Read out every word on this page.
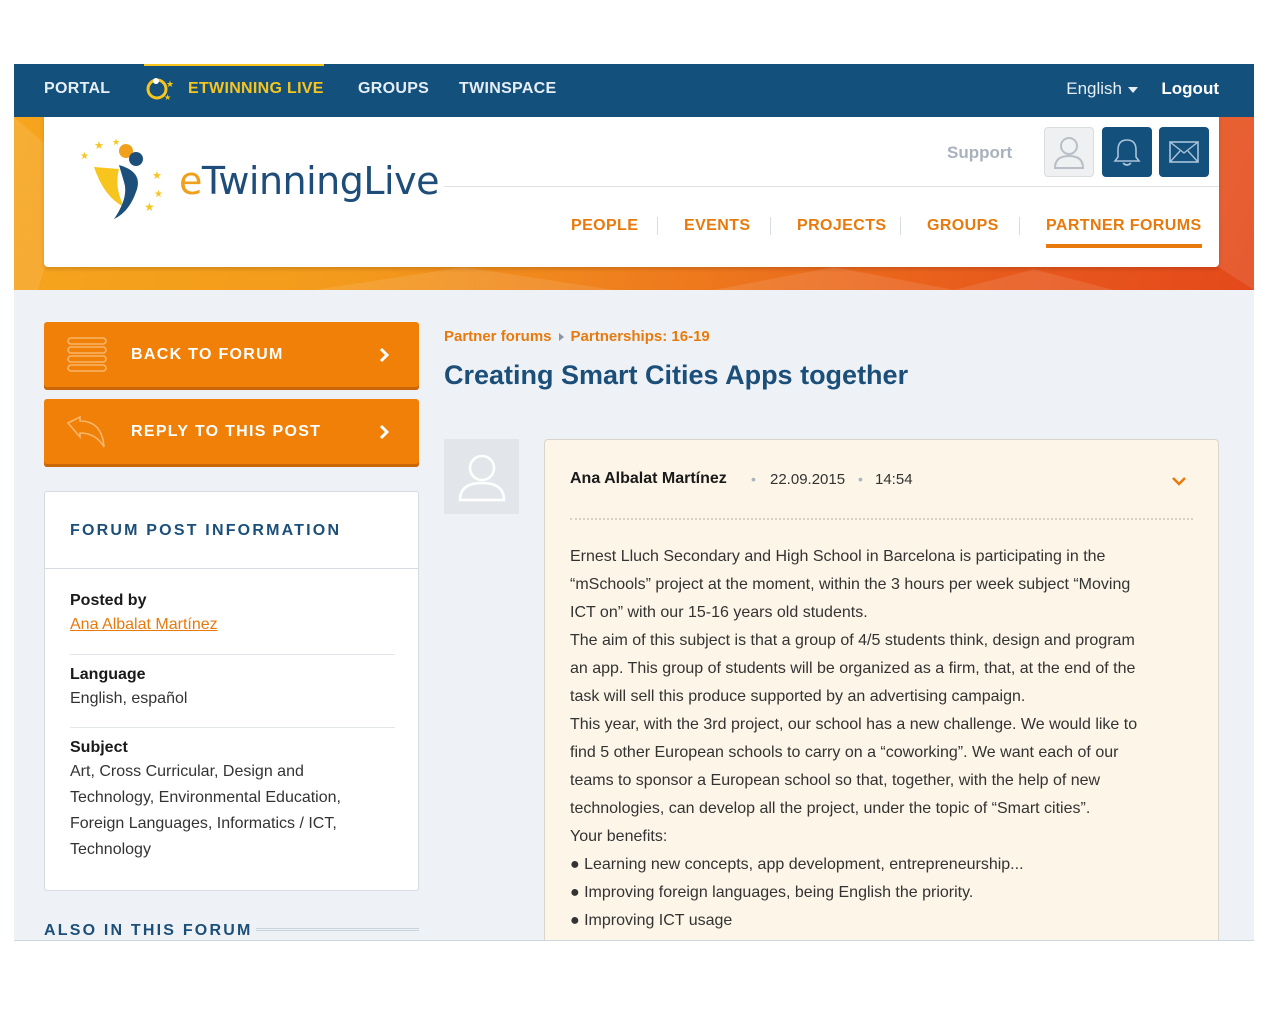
PORTAL	★
★
ETWINNING LIVE GROUPS TWINSPACE	English	Logout
★
★ ★
★
★
★
eTwinningLive
Support
PEOPLE	EVENTS	PROJECTS	GROUPS	PARTNER FORUMS
BACK TO FORUM
REPLY TO THIS POST
FORUM POST INFORMATION
Posted by
Ana Albalat Martínez
Language
English, español
Subject
Art, Cross Curricular, Design and Technology, Environmental Education, Foreign Languages, Informatics / ICT, Technology
ALSO IN THIS FORUM
Partner forums Partnerships: 16-19
Creating Smart Cities Apps together
Ana Albalat Martínez • 22.09.2015 • 14:54
Ernest Lluch Secondary and High School in Barcelona is participating in the
“mSchools” project at the moment, within the 3 hours per week subject “Moving
ICT on” with our 15-16 years old students.
The aim of this subject is that a group of 4/5 students think, design and program
an app. This group of students will be organized as a firm, that, at the end of the
task will sell this produce supported by an advertising campaign.
This year, with the 3rd project, our school has a new challenge. We would like to
find 5 other European schools to carry on a “coworking”. We want each of our
teams to sponsor a European school so that, together, with the help of new
technologies, can develop all the project, under the topic of “Smart cities”.
Your benefits:
● Learning new concepts, app development, entrepreneurship...
● Improving foreign languages, being English the priority.
● Improving ICT usage
